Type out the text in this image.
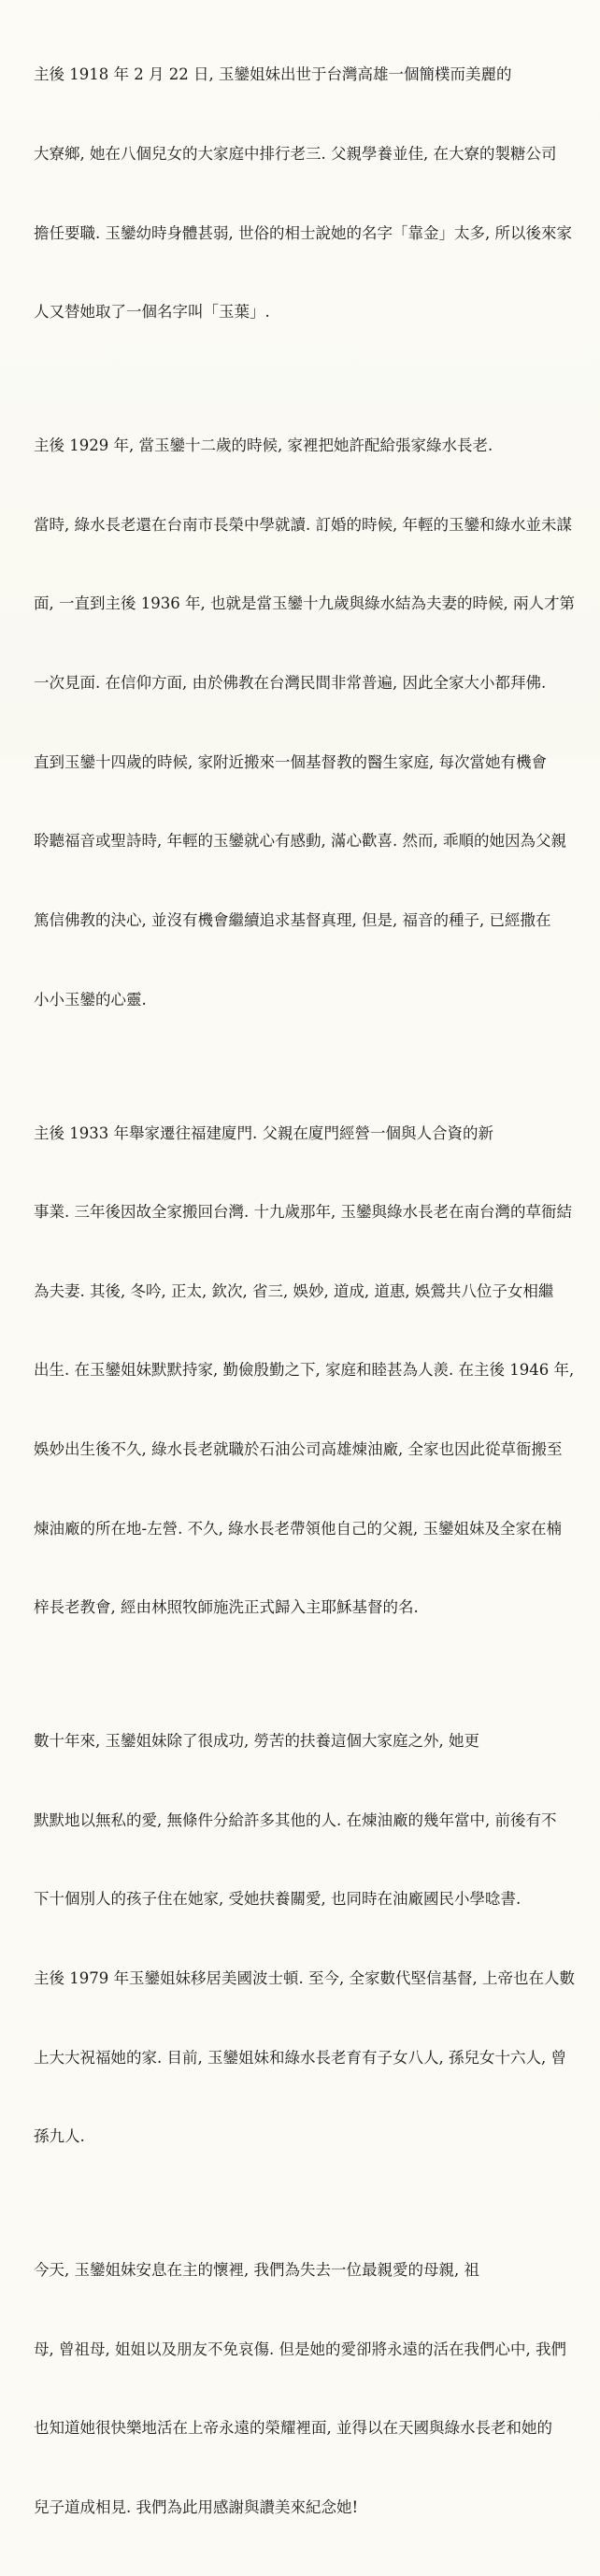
主後 1918 年 2 月 22 日, 玉鑾姐妹出世于台灣高雄一個簡樸而美麗的

大寮鄉, 她在八個兒女的大家庭中排行老三. 父親學養並佳, 在大寮的製糖公司

擔任要職. 玉鑾幼時身體甚弱, 世俗的相士說她的名字「靠金」太多, 所以後來家

人又替她取了一個名字叫「玉葉」.

主後 1929 年, 當玉鑾十二歲的時候, 家裡把她許配給張家綠水長老.

當時, 綠水長老還在台南市長榮中學就讀. 訂婚的時候, 年輕的玉鑾和綠水並未謀

面, 一直到主後 1936 年, 也就是當玉鑾十九歲與綠水結為夫妻的時候, 兩人才第

一次見面. 在信仰方面, 由於佛教在台灣民間非常普遍, 因此全家大小都拜佛.

直到玉鑾十四歲的時候, 家附近搬來一個基督教的醫生家庭, 每次當她有機會

聆聽福音或聖詩時, 年輕的玉鑾就心有感動, 滿心歡喜. 然而, 乖順的她因為父親

篤信佛教的決心, 並沒有機會繼續追求基督真理, 但是, 福音的種子, 已經撒在

小小玉鑾的心靈.

主後 1933 年舉家遷往福建廈門. 父親在廈門經營一個與人合資的新

事業. 三年後因故全家搬回台灣. 十九歲那年, 玉鑾與綠水長老在南台灣的草衙結

為夫妻. 其後, 冬吟, 正太, 欽次, 省三, 娛妙, 道成, 道惠, 娛鶯共八位子女相繼

出生. 在玉鑾姐妹默默持家, 勤儉殷勤之下, 家庭和睦甚為人羨. 在主後 1946 年,

娛妙出生後不久, 綠水長老就職於石油公司高雄煉油廠, 全家也因此從草衙搬至

煉油廠的所在地-左營. 不久, 綠水長老帶領他自己的父親, 玉鑾姐妹及全家在楠

梓長老教會, 經由林照牧師施洗正式歸入主耶穌基督的名.

數十年來, 玉鑾姐妹除了很成功, 勞苦的扶養這個大家庭之外, 她更

默默地以無私的愛, 無條件分給許多其他的人. 在煉油廠的幾年當中, 前後有不

下十個別人的孩子住在她家, 受她扶養關愛, 也同時在油廠國民小學唸書.

主後 1979 年玉鑾姐妹移居美國波士頓. 至今, 全家數代堅信基督, 上帝也在人數

上大大祝福她的家. 目前, 玉鑾姐妹和綠水長老育有子女八人, 孫兒女十六人, 曾

孫九人.

今天, 玉鑾姐妹安息在主的懷裡, 我們為失去一位最親愛的母親, 祖

母, 曾祖母, 姐姐以及朋友不免哀傷. 但是她的愛卻將永遠的活在我們心中, 我們

也知道她很快樂地活在上帝永遠的榮耀裡面, 並得以在天國與綠水長老和她的

兒子道成相見. 我們為此用感謝與讚美來紀念她!
